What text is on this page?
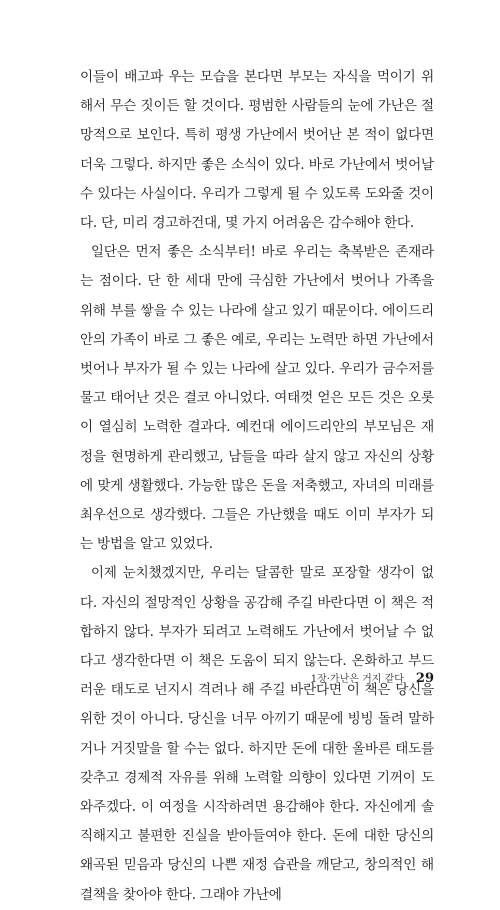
이들이 배고파 우는 모습을 본다면 부모는 자식을 먹이기 위해서 무슨 짓이든 할 것이다. 평범한 사람들의 눈에 가난은 절망적으로 보인다. 특히 평생 가난에서 벗어난 본 적이 없다면 더욱 그렇다. 하지만 좋은 소식이 있다. 바로 가난에서 벗어날 수 있다는 사실이다. 우리가 그렇게 될 수 있도록 도와줄 것이다. 단, 미리 경고하건대, 몇 가지 어려움은 감수해야 한다.

일단은 먼저 좋은 소식부터! 바로 우리는 축복받은 존재라는 점이다. 단 한 세대 만에 극심한 가난에서 벗어나 가족을 위해 부를 쌓을 수 있는 나라에 살고 있기 때문이다. 에이드리안의 가족이 바로 그 좋은 예로, 우리는 노력만 하면 가난에서 벗어나 부자가 될 수 있는 나라에 살고 있다. 우리가 금수저를 물고 태어난 것은 결코 아니었다. 여태껏 얻은 모든 것은 오롯이 열심히 노력한 결과다. 예컨대 에이드리안의 부모님은 재정을 현명하게 관리했고, 남들을 따라 살지 않고 자신의 상황에 맞게 생활했다. 가능한 많은 돈을 저축했고, 자녀의 미래를 최우선으로 생각했다. 그들은 가난했을 때도 이미 부자가 되는 방법을 알고 있었다.

이제 눈치챘겠지만, 우리는 달콤한 말로 포장할 생각이 없다. 자신의 절망적인 상황을 공감해 주길 바란다면 이 책은 적합하지 않다. 부자가 되려고 노력해도 가난에서 벗어날 수 없다고 생각한다면 이 책은 도움이 되지 않는다. 온화하고 부드러운 태도로 넌지시 격려나 해 주길 바란다면 이 책은 당신을 위한 것이 아니다. 당신을 너무 아끼기 때문에 빙빙 돌려 말하거나 거짓말을 할 수는 없다. 하지만 돈에 대한 올바른 태도를 갖추고 경제적 자유를 위해 노력할 의향이 있다면 기꺼이 도와주겠다. 이 여정을 시작하려면 용감해야 한다. 자신에게 솔직해지고 불편한 진실을 받아들여야 한다. 돈에 대한 당신의 왜곡된 믿음과 당신의 나쁜 재정 습관을 깨닫고, 창의적인 해결책을 찾아야 한다. 그래야 가난에

1장·가난은 거지 같다 29
